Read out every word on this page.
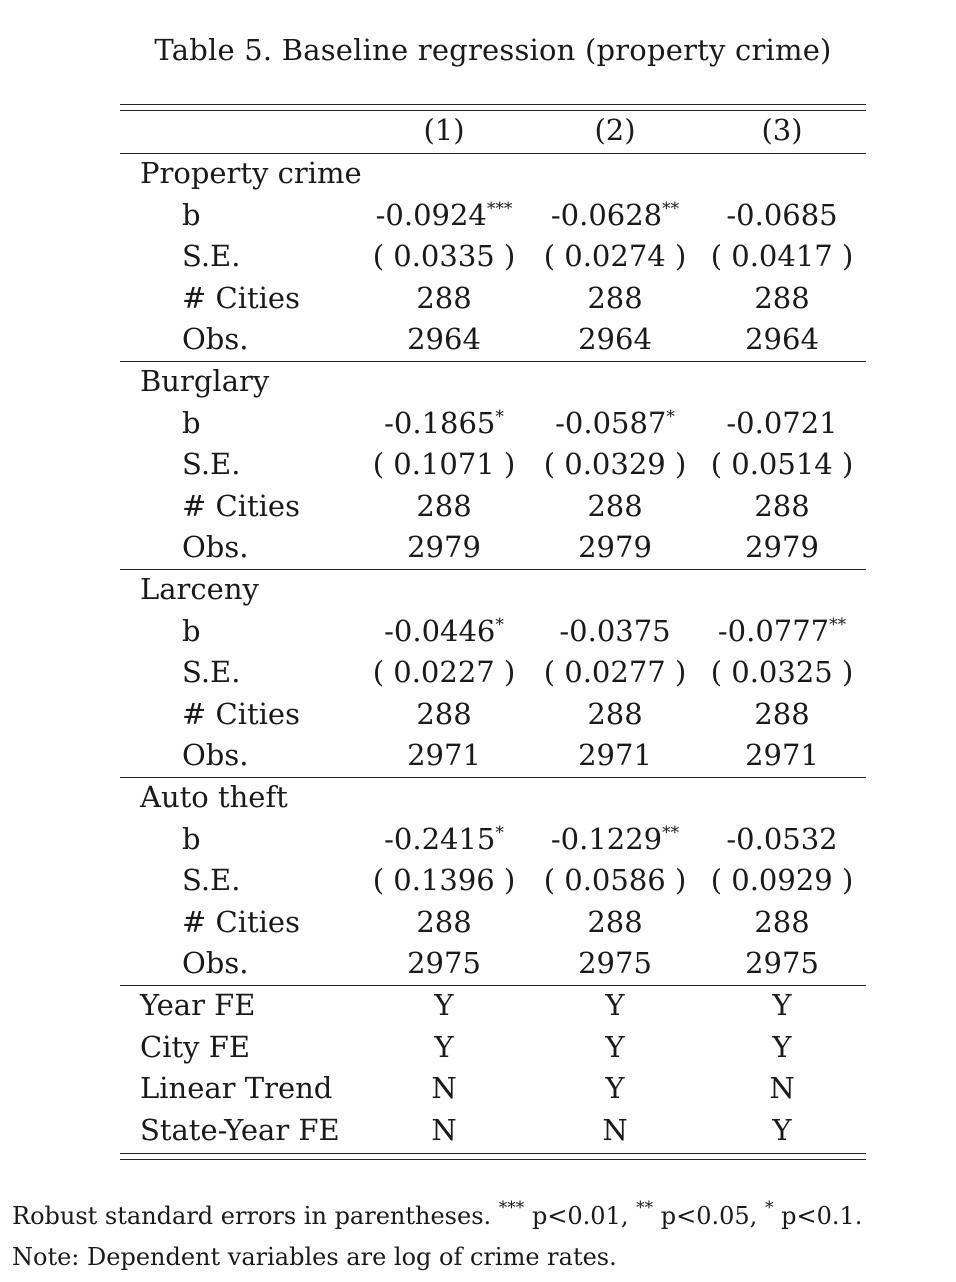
Table 5. Baseline regression (property crime)
(1)	(2)	(3)
Property crime
b	-0.0924***	-0.0628**	-0.0685
S.E.	( 0.0335 ) ( 0.0274 ) ( 0.0417 )
# Cities	288	288	288
Obs.	2964	2964	2964
Burglary
b	-0.1865*	-0.0587*	-0.0721
S.E.	( 0.1071 ) ( 0.0329 ) ( 0.0514 )
# Cities	288	288	288
Obs.	2979	2979	2979
Larceny
b	-0.0446*	-0.0375	-0.0777**
S.E.	( 0.0227 ) ( 0.0277 ) ( 0.0325 )
# Cities	288	288	288
Obs.	2971	2971	2971
Auto theft
b	-0.2415*	-0.1229**	-0.0532
S.E.	( 0.1396 ) ( 0.0586 ) ( 0.0929 )
# Cities	288	288	288
Obs.	2975	2975	2975
Year FE	Y	Y	Y
City FE	Y	Y	Y
Linear Trend	N	Y	N
State-Year FE	N	N	Y
Robust standard errors in parentheses. *** p<0.01, ** p<0.05, * p<0.1.
Note: Dependent variables are log of crime rates.
